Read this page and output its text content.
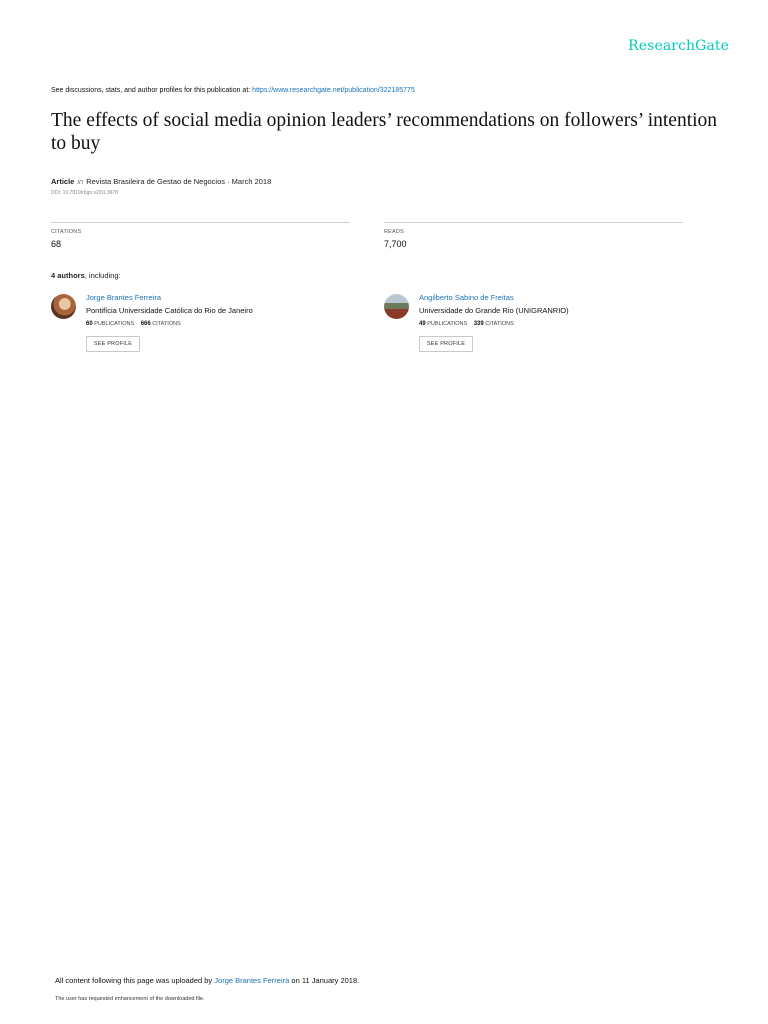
ResearchGate
See discussions, stats, and author profiles for this publication at: https://www.researchgate.net/publication/322185775
The effects of social media opinion leaders’ recommendations on followers’ intention to buy
Article in Revista Brasileira de Gestao de Negocios · March 2018
DOI: 10.7819/rbgn.v20i1.3678
CITATIONS
68
READS
7,700
4 authors, including:
Jorge Brantes Ferreira
Pontifícia Universidade Católica do Rio de Janeiro
60 PUBLICATIONS 666 CITATIONS
SEE PROFILE
Angilberto Sabino de Freitas
Universidade do Grande Rio (UNIGRANRIO)
49 PUBLICATIONS 339 CITATIONS
SEE PROFILE
All content following this page was uploaded by Jorge Brantes Ferreira on 11 January 2018.
The user has requested enhancement of the downloaded file.
